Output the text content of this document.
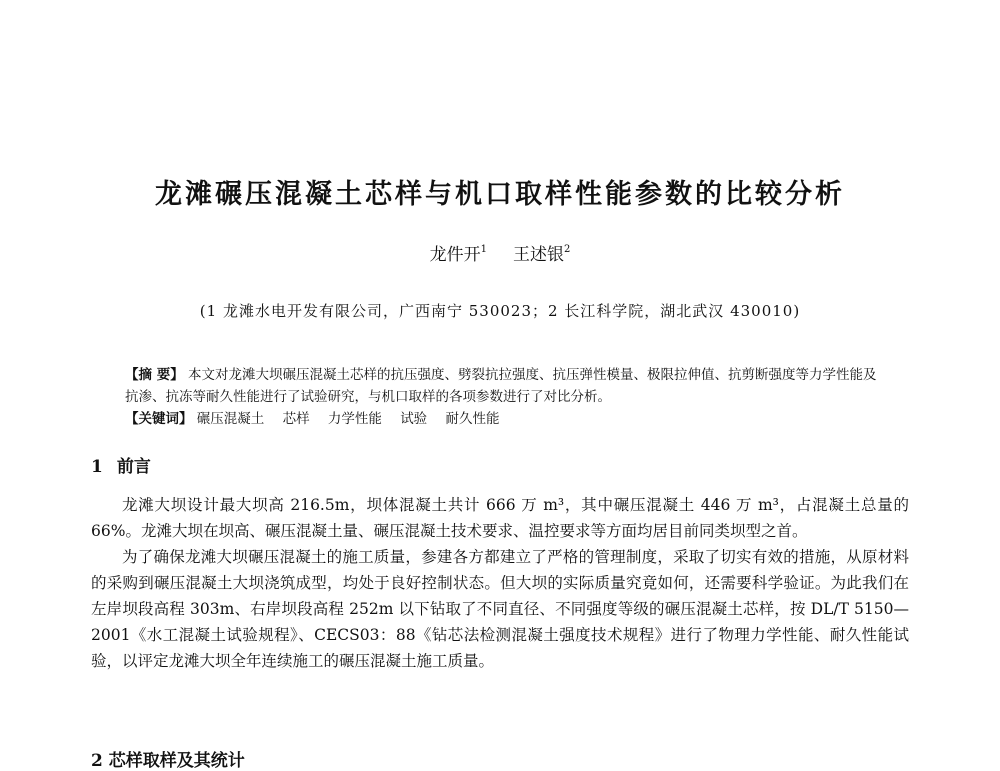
龙滩碾压混凝土芯样与机口取样性能参数的比较分析
龙件开$^1$ 王述银$^2$
(1 龙滩水电开发有限公司，广西南宁 530023；2 长江科学院，湖北武汉 430010)

【摘 要】 本文对龙滩大坝碾压混凝土芯样的抗压强度、劈裂抗拉强度、抗压弹性模量、极限拉伸值、抗剪断强度等力学性能及抗渗、抗冻等耐久性能进行了试验研究，与机口取样的各项参数进行了对比分析。

【关键词】 碾压混凝土 芯样 力学性能 试验 耐久性能

1 前言

龙滩大坝设计最大坝高 216.5m，坝体混凝土共计 666 万 m³，其中碾压混凝土 446 万 m³，占混凝土总量的 66%。龙滩大坝在坝高、碾压混凝土量、碾压混凝土技术要求、温控要求等方面均居目前同类坝型之首。

为了确保龙滩大坝碾压混凝土的施工质量，参建各方都建立了严格的管理制度，采取了切实有效的措施，从原材料的采购到碾压混凝土大坝浇筑成型，均处于良好控制状态。但大坝的实际质量究竟如何，还需要科学验证。为此我们在左岸坝段高程 303m、右岸坝段高程 252m 以下钻取了不同直径、不同强度等级的碾压混凝土芯样，按 DL/T 5150—2001《水工混凝土试验规程》、CECS03：88《钻芯法检测混凝土强度技术规程》进行了物理力学性能、耐久性能试验，以评定龙滩大坝全年连续施工的碾压混凝土施工质量。

2 芯样取样及其统计
